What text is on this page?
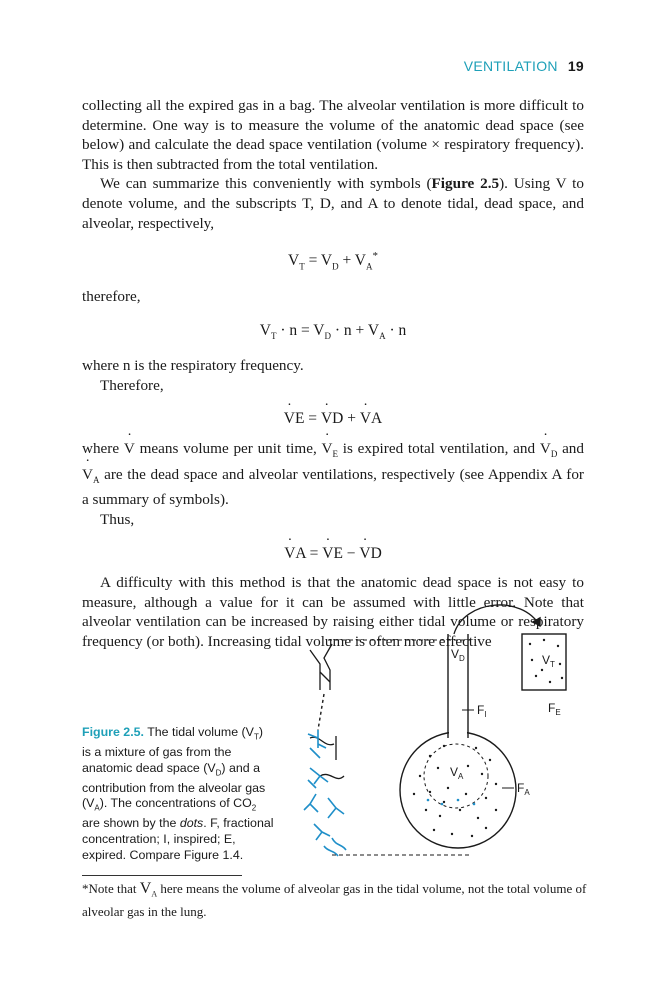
VENTILATION 19

collecting all the expired gas in a bag. The alveolar ventilation is more difficult to determine. One way is to measure the volume of the anatomic dead space (see below) and calculate the dead space ventilation (volume × respiratory frequency). This is then subtracted from the total ventilation.

We can summarize this conveniently with symbols (Figure 2.5). Using V to denote volume, and the subscripts T, D, and A to denote tidal, dead space, and alveolar, respectively,

$V_T = V_D + V_A^*$

therefore,

$V_T \cdot n = V_D \cdot n + V_A \cdot n$

where n is the respiratory frequency.

Therefore,

˙ VE = ˙ VD + ˙ VA

where ˙ V means volume per unit time, ˙ $V_E$ is expired total ventilation, and ˙ $V_D$ and ˙ $V_A$ are the dead space and alveolar ventilations, respectively (see Appendix A for a summary of symbols).

Thus,

˙ VA = ˙ VE − ˙ VD

A difficulty with this method is that the anatomic dead space is not easy to measure, although a value for it can be assumed with little error. Note that alveolar ventilation can be increased by raising either tidal volume or respiratory frequency (or both). Increasing tidal volume is often more effective

Figure 2.5. The tidal volume $(V_T)$ is a mixture of gas from the anatomic dead space $(V_D)$ and a contribution from the alveolar gas $(V_A)$. The concentrations of $CO_2$ are shown by the dots. F, fractional concentration; I, inspired; E, expired. Compare Figure 1.4.
$V_D$
$F_I$
$V_A$
$F_A$
$V_T$
$F_E$
*Note that $V_A$ here means the volume of alveolar gas in the tidal volume, not the total volume of alveolar gas in the lung.
